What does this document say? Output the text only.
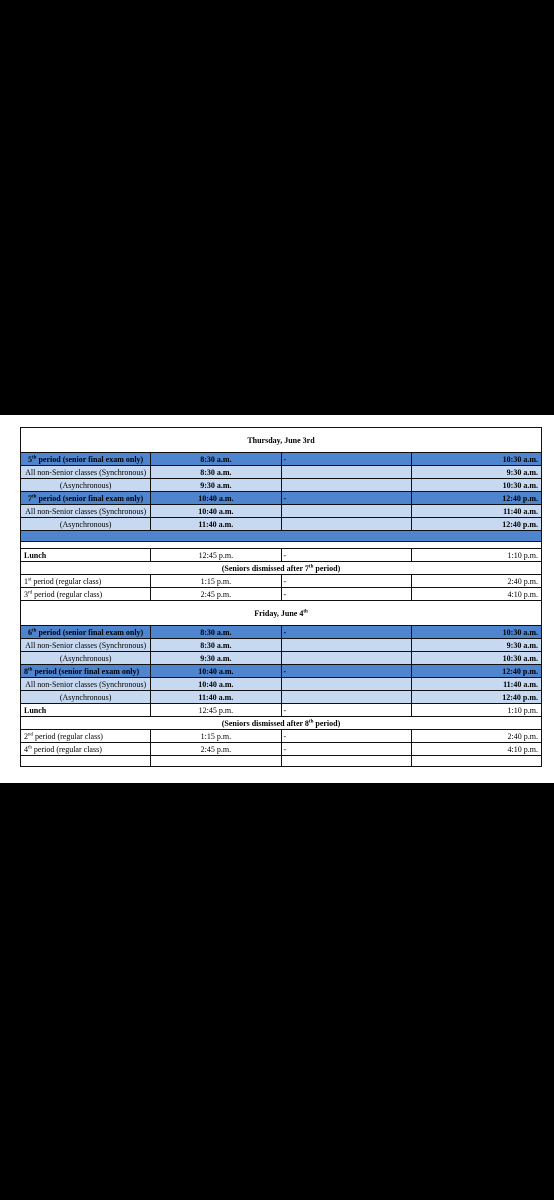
Thursday, June 3rd			
5th period (senior final exam only)	8:30 a.m.	-	10:30 a.m.
All non-Senior classes (Synchronous)	8:30 a.m.		9:30 a.m.
(Asynchronous)	9:30 a.m.		10:30 a.m.
7th period (senior final exam only)	10:40 a.m.	-	12:40 p.m.
All non-Senior classes (Synchronous)	10:40 a.m.		11:40 a.m.
(Asynchronous)	11:40 a.m.		12:40 p.m.

Lunch	12:45 p.m.	-	1:10 p.m.
(Seniors dismissed after 7th period)			
1st period (regular class)	1:15 p.m.	-	2:40 p.m.
3rd period (regular class)	2:45 p.m.	-	4:10 p.m.
Friday, June 4th
6th period (senior final exam only)	8:30 a.m.	-	10:30 a.m.
All non-Senior classes (Synchronous)	8:30 a.m.		9:30 a.m.
(Asynchronous)	9:30 a.m.		10:30 a.m.
8th period (senior final exam only)	10:40 a.m.	-	12:40 p.m.
All non-Senior classes (Synchronous)	10:40 a.m.		11:40 a.m.
(Asynchronous)	11:40 a.m.		12:40 p.m.
Lunch	12:45 p.m.	-	1:10 p.m.
(Seniors dismissed after 8th period)			
2nd period (regular class)	1:15 p.m.	-	2:40 p.m.
4th period (regular class)	2:45 p.m.	-	4:10 p.m.
